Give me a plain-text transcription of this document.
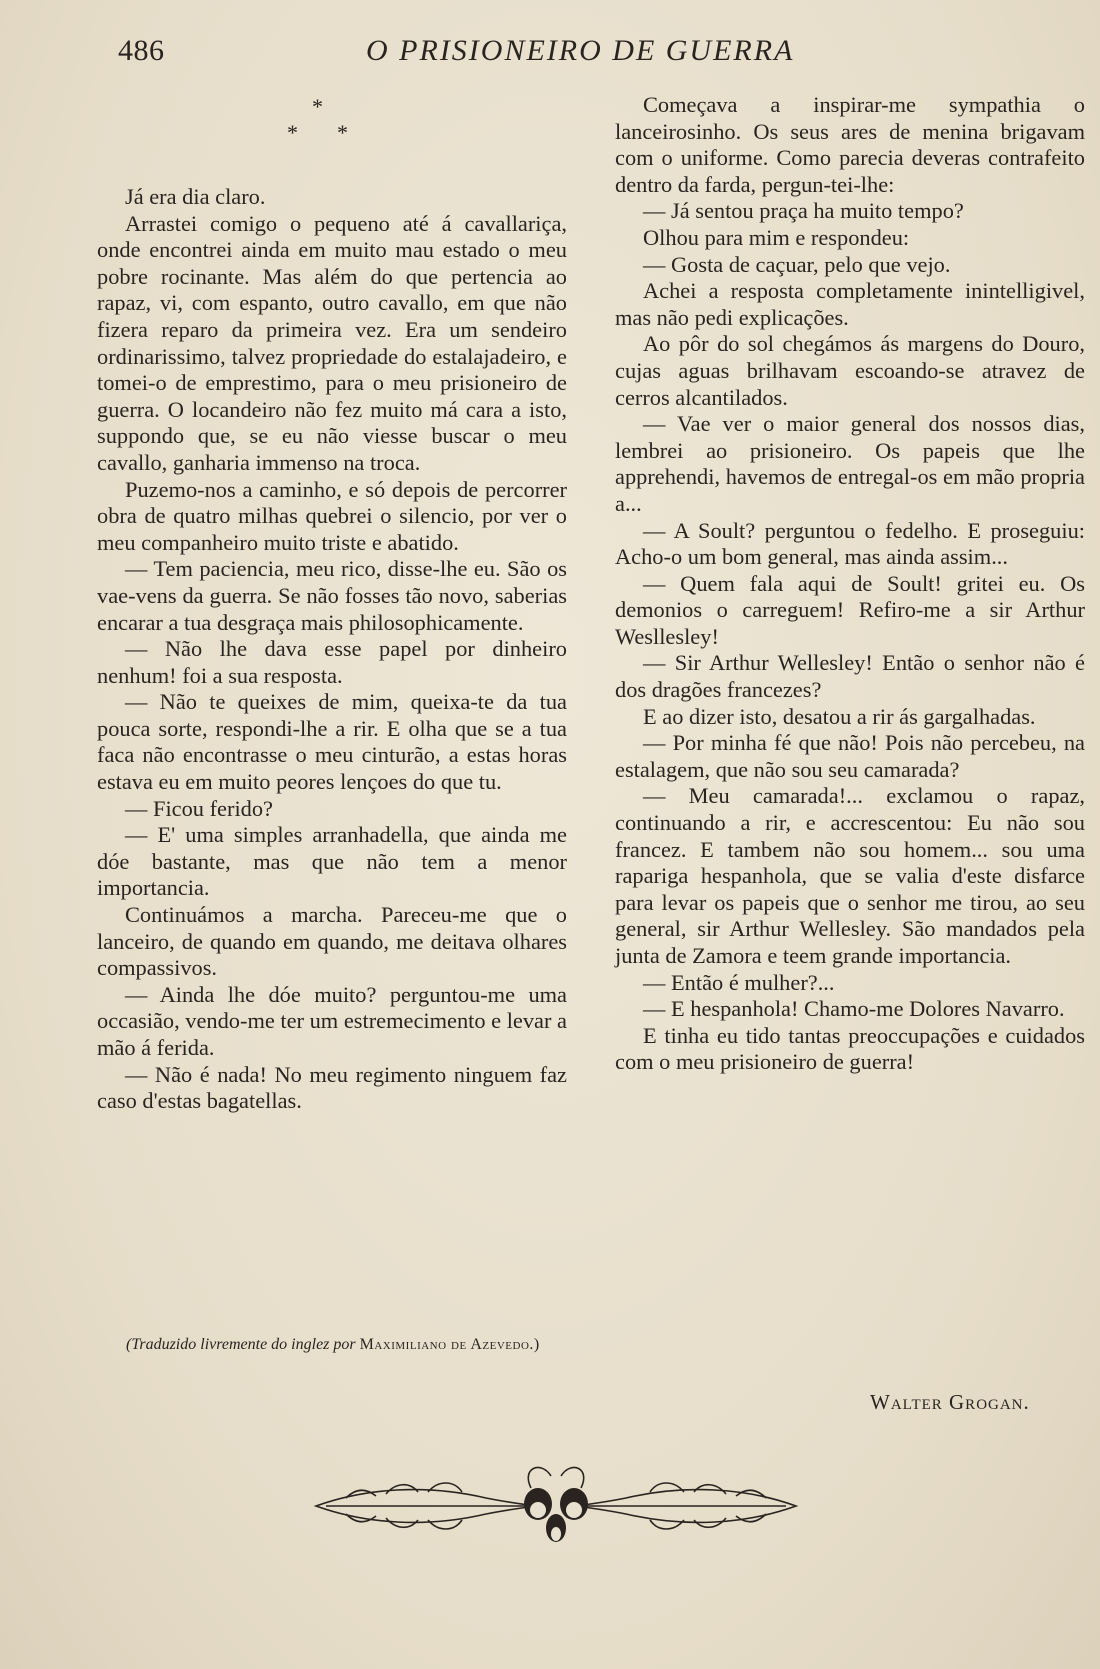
486	O PRISIONEIRO DE GUERRA
*
* *

Já era dia claro.

Arrastei comigo o pequeno até á cavallariça, onde encontrei ainda em muito mau estado o meu pobre rocinante. Mas além do que pertencia ao rapaz, vi, com espanto, outro cavallo, em que não fizera reparo da primeira vez. Era um sendeiro ordinarissimo, talvez propriedade do estalajadeiro, e tomei-o de emprestimo, para o meu prisioneiro de guerra. O locandeiro não fez muito má cara a isto, suppondo que, se eu não viesse buscar o meu cavallo, ganharia immenso na troca.

Puzemo-nos a caminho, e só depois de percorrer obra de quatro milhas quebrei o silencio, por ver o meu companheiro muito triste e abatido.

— Tem paciencia, meu rico, disse-lhe eu. São os vae-vens da guerra. Se não fosses tão novo, saberias encarar a tua desgraça mais philosophicamente.

— Não lhe dava esse papel por dinheiro nenhum! foi a sua resposta.

— Não te queixes de mim, queixa-te da tua pouca sorte, respondi-lhe a rir. E olha que se a tua faca não encontrasse o meu cinturão, a estas horas estava eu em muito peores lençoes do que tu.

— Ficou ferido?

— E' uma simples arranhadella, que ainda me dóe bastante, mas que não tem a menor importancia.

Continuámos a marcha. Pareceu-me que o lanceiro, de quando em quando, me deitava olhares compassivos.

— Ainda lhe dóe muito? perguntou-me uma occasião, vendo-me ter um estremecimento e levar a mão á ferida.

— Não é nada! No meu regimento ninguem faz caso d'estas bagatellas.

Começava a inspirar-me sympathia o lanceirosinho. Os seus ares de menina brigavam com o uniforme. Como parecia deveras contrafeito dentro da farda, pergun-tei-lhe:

— Já sentou praça ha muito tempo?

Olhou para mim e respondeu:

— Gosta de caçuar, pelo que vejo.

Achei a resposta completamente inintelligivel, mas não pedi explicações.

Ao pôr do sol chegámos ás margens do Douro, cujas aguas brilhavam escoando-se atravez de cerros alcantilados.

— Vae ver o maior general dos nossos dias, lembrei ao prisioneiro. Os papeis que lhe apprehendi, havemos de entregal-os em mão propria a...

— A Soult? perguntou o fedelho. E proseguiu: Acho-o um bom general, mas ainda assim...

— Quem fala aqui de Soult! gritei eu. Os demonios o carreguem! Refiro-me a sir Arthur Wesllesley!

— Sir Arthur Wellesley! Então o senhor não é dos dragões francezes?

E ao dizer isto, desatou a rir ás gargalhadas.

— Por minha fé que não! Pois não percebeu, na estalagem, que não sou seu camarada?

— Meu camarada!... exclamou o rapaz, continuando a rir, e accrescentou: Eu não sou francez. E tambem não sou homem... sou uma rapariga hespanhola, que se valia d'este disfarce para levar os papeis que o senhor me tirou, ao seu general, sir Arthur Wellesley. São mandados pela junta de Zamora e teem grande importancia.

— Então é mulher?...

— E hespanhola! Chamo-me Dolores Navarro.

E tinha eu tido tantas preoccupações e cuidados com o meu prisioneiro de guerra!

(Traduzido livremente do inglez por Maximiliano de Azevedo.)
Walter Grogan.
